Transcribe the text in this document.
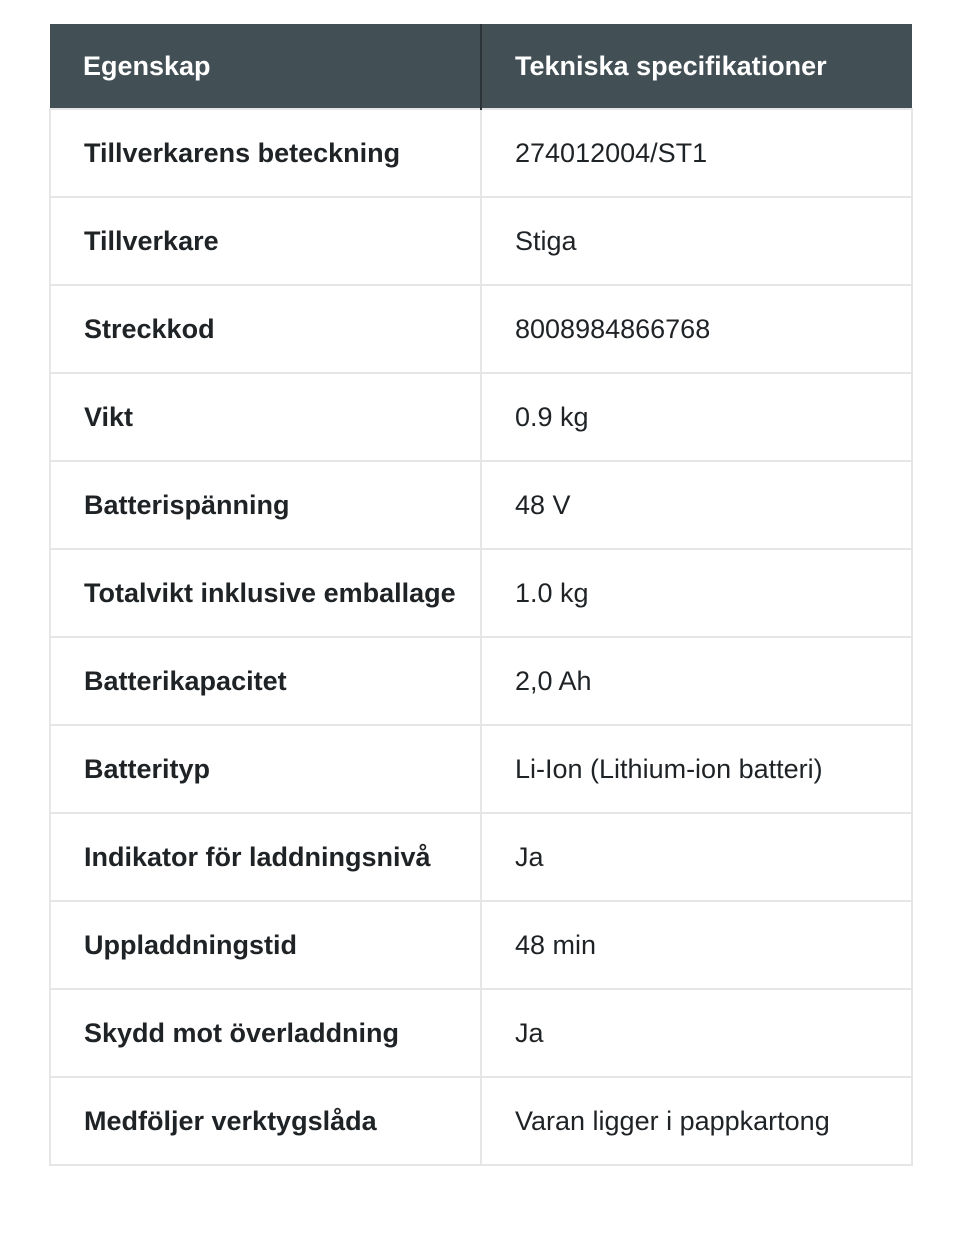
Egenskap	Tekniska specifikationer
Tillverkarens beteckning	274012004/ST1
Tillverkare	Stiga
Streckkod	8008984866768
Vikt	0.9 kg
Batterispänning	48 V
Totalvikt inklusive emballage	1.0 kg
Batterikapacitet	2,0 Ah
Batterityp	Li-Ion (Lithium-ion batteri)
Indikator för laddningsnivå	Ja
Uppladdningstid	48 min
Skydd mot överladdning	Ja
Medföljer verktygslåda	Varan ligger i pappkartong
